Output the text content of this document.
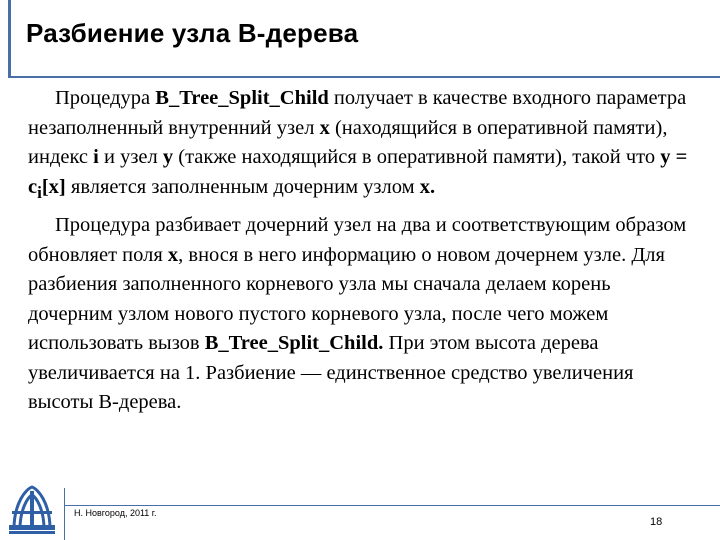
Разбиение узла B-дерева

Процедура B_Tree_Split_Child получает в качестве входного параметра незаполненный внутренний узел x (находящийся в оперативной памяти), индекс i и узел y (также находящийся в оперативной памяти), такой что $y = c_i[x]$ является заполненным дочерним узлом x.

Процедура разбивает дочерний узел на два и соответствующим образом обновляет поля x, внося в него информацию о новом дочернем узле. Для разбиения заполненного корневого узла мы сначала делаем корень дочерним узлом нового пустого корневого узла, после чего можем использовать вызов B_Tree_Split_Child. При этом высота дерева увеличивается на 1. Разбиение — единственное средство увеличения высоты B-дерева.

Н. Новгород, 2011 г.
18
